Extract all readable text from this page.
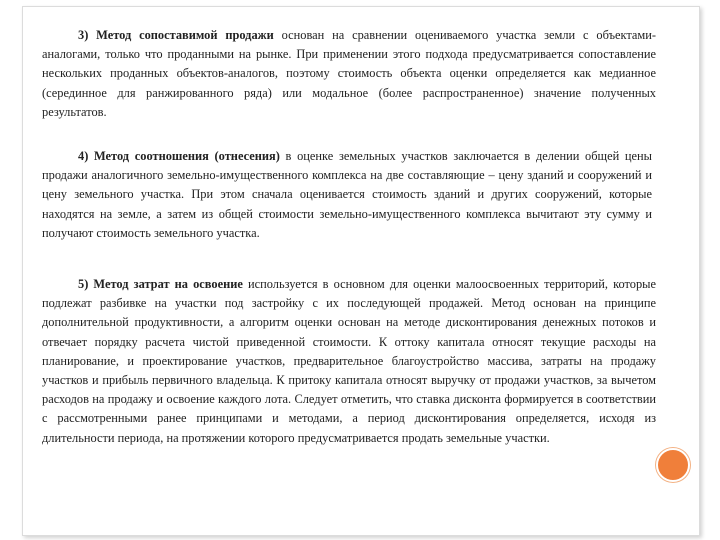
3) Метод сопоставимой продажи основан на сравнении оцениваемого участка земли с объектами-аналогами, только что проданными на рынке. При применении этого подхода предусматривается сопоставление нескольких проданных объектов-аналогов, поэтому стоимость объекта оценки определяется как медианное (серединное для ранжированного ряда) или модальное (более распространенное) значение полученных результатов.

4) Метод соотношения (отнесения) в оценке земельных участков заключается в делении общей цены продажи аналогичного земельно-имущественного комплекса на две составляющие – цену зданий и сооружений и цену земельного участка. При этом сначала оценивается стоимость зданий и других сооружений, которые находятся на земле, а затем из общей стоимости земельно-имущественного комплекса вычитают эту сумму и получают стоимость земельного участка.

5) Метод затрат на освоение используется в основном для оценки малоосвоенных территорий, которые подлежат разбивке на участки под застройку с их последующей продажей. Метод основан на принципе дополнительной продуктивности, а алгоритм оценки основан на методе дисконтирования денежных потоков и отвечает порядку расчета чистой приведенной стоимости. К оттоку капитала относят текущие расходы на планирование, и проектирование участков, предварительное благоустройство массива, затраты на продажу участков и прибыль первичного владельца. К притоку капитала относят выручку от продажи участков, за вычетом расходов на продажу и освоение каждого лота. Следует отметить, что ставка дисконта формируется в соответствии с рассмотренными ранее принципами и методами, а период дисконтирования определяется, исходя из длительности периода, на протяжении которого предусматривается продать земельные участки.
